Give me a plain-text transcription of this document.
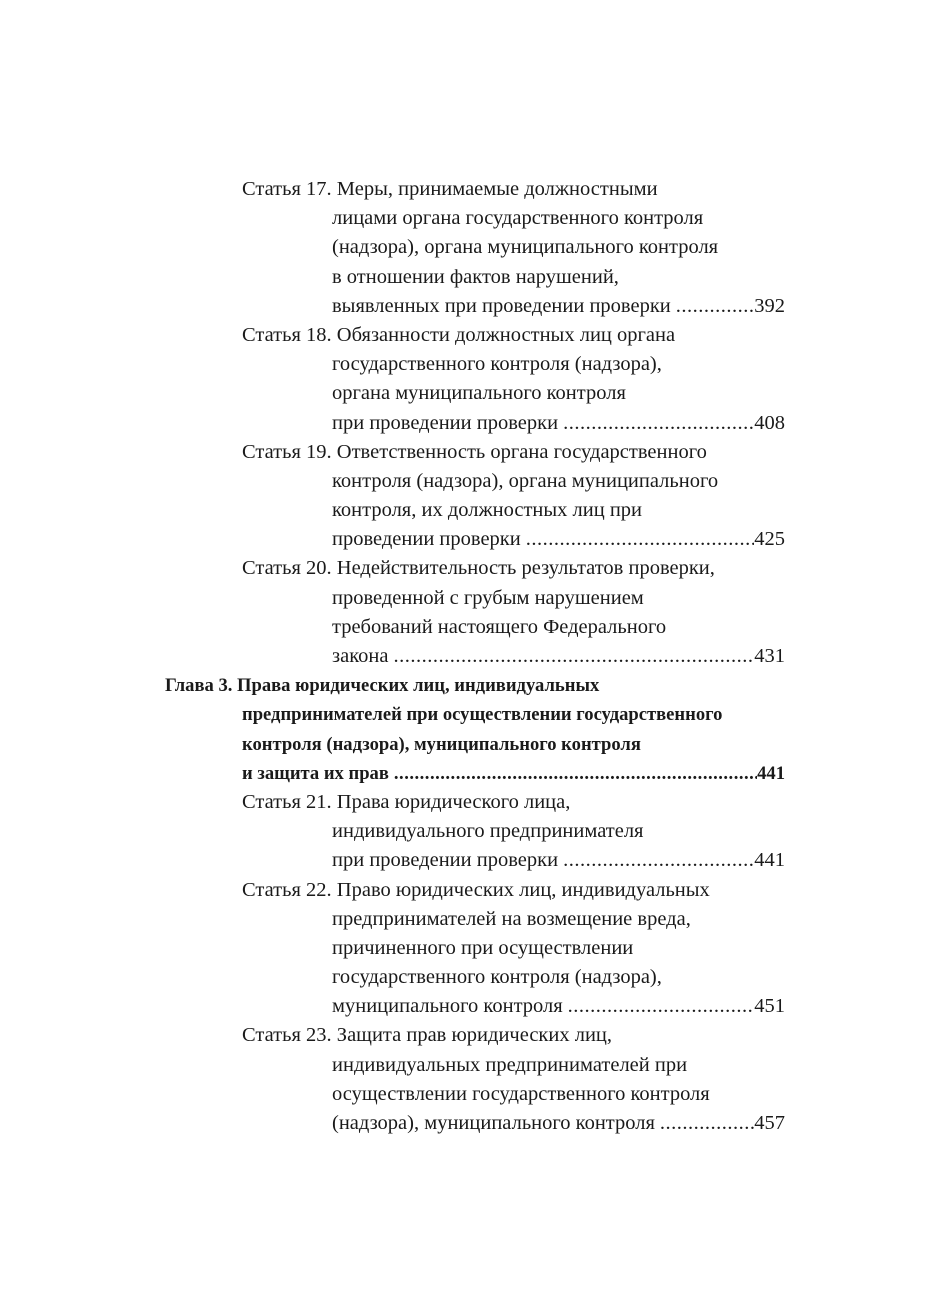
Статья 17. Меры, принимаемые должностными
лицами органа государственного контроля
(надзора), органа муниципального контроля
в отношении фактов нарушений,
выявленных при проведении проверки .....	392
Статья 18. Обязанности должностных лиц органа
государственного контроля (надзора),
органа муниципального контроля
при проведении проверки .....	408
Статья 19. Ответственность органа государственного
контроля (надзора), органа муниципального
контроля, их должностных лиц при
проведении проверки .....	425
Статья 20. Недействительность результатов проверки,
проведенной с грубым нарушением
требований настоящего Федерального
закона .....	431
Глава 3. Права юридических лиц, индивидуальных
предпринимателей при осуществлении государственного
контроля (надзора), муниципального контроля
и защита их прав .....	441
Статья 21. Права юридического лица,
индивидуального предпринимателя
при проведении проверки .....	441
Статья 22. Право юридических лиц, индивидуальных
предпринимателей на возмещение вреда,
причиненного при осуществлении
государственного контроля (надзора),
муниципального контроля .....	451
Статья 23. Защита прав юридических лиц,
индивидуальных предпринимателей при
осуществлении государственного контроля
(надзора), муниципального контроля .....	457
